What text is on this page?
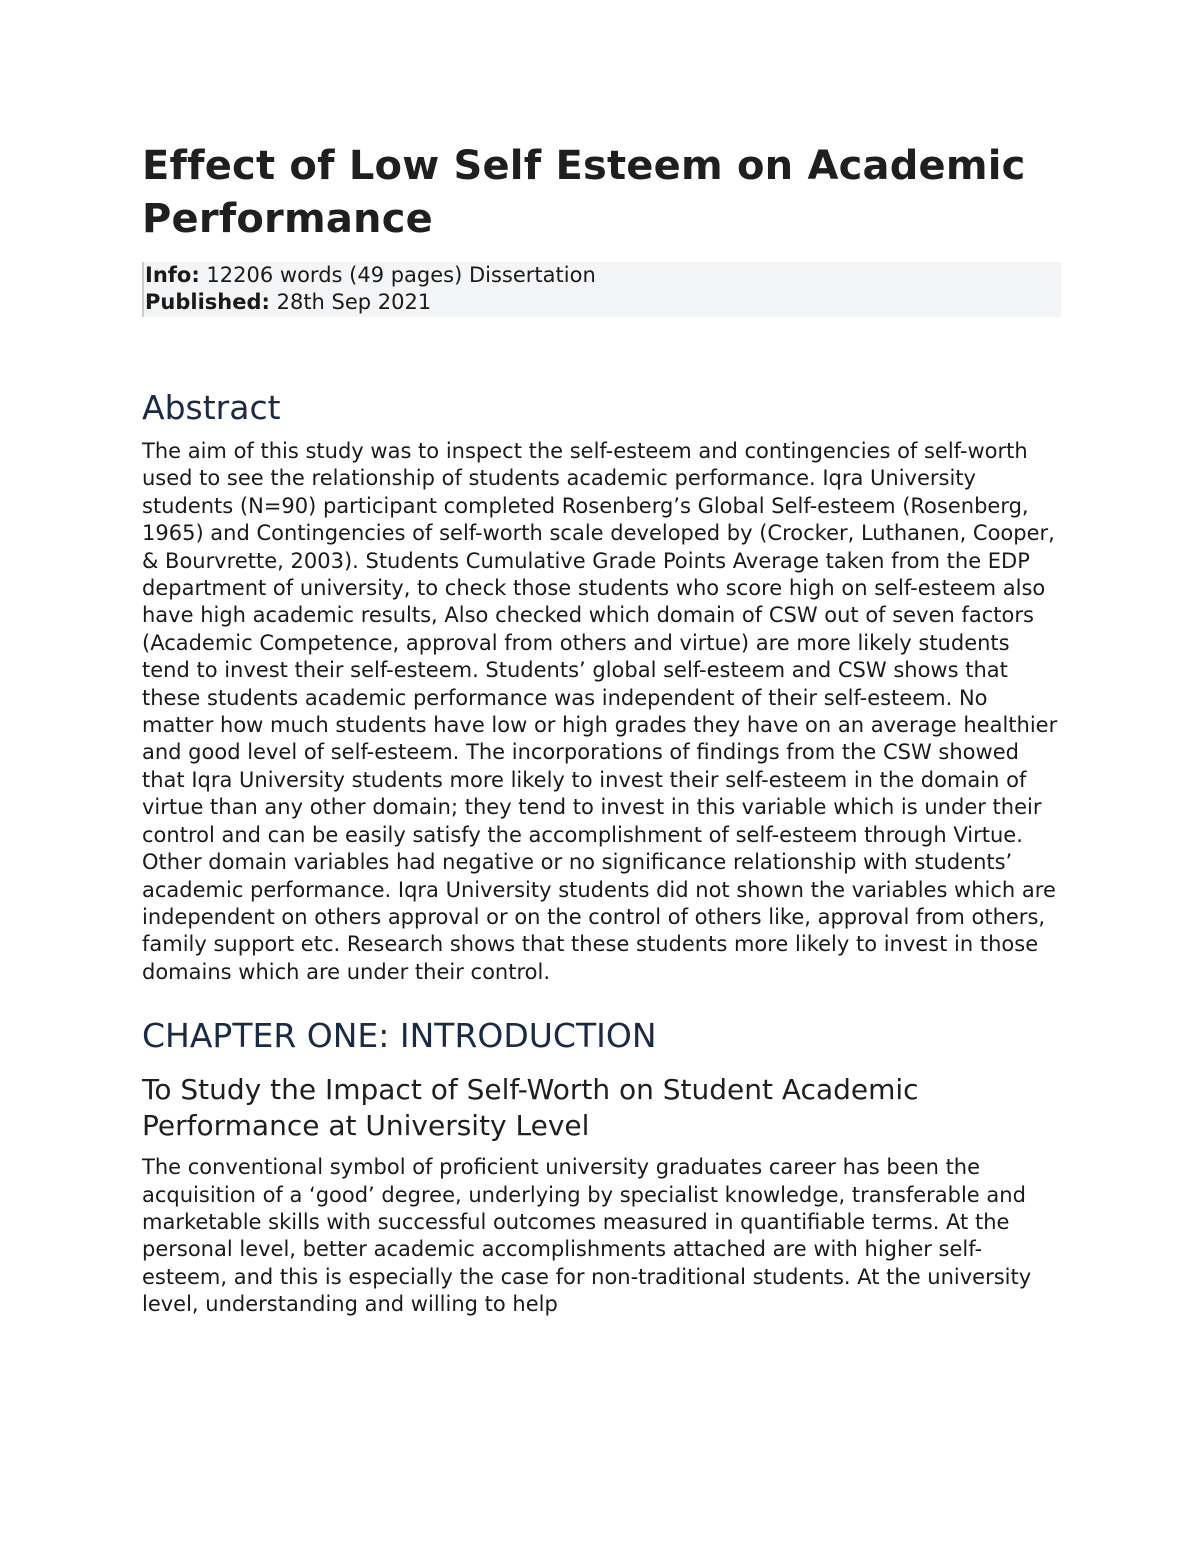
Effect of Low Self Esteem on Academic Performance
Info: 12206 words (49 pages) Dissertation
Published: 28th Sep 2021
Abstract

The aim of this study was to inspect the self-esteem and contingencies of self-worth used to see the relationship of students academic performance. Iqra University students (N=90) participant completed Rosenberg’s Global Self-esteem (Rosenberg, 1965) and Contingencies of self-worth scale developed by (Crocker, Luthanen, Cooper, & Bourvrette, 2003). Students Cumulative Grade Points Average taken from the EDP department of university, to check those students who score high on self-esteem also have high academic results, Also checked which domain of CSW out of seven factors (Academic Competence, approval from others and virtue) are more likely students tend to invest their self-esteem. Students’ global self-esteem and CSW shows that these students academic performance was independent of their self-esteem. No matter how much students have low or high grades they have on an average healthier and good level of self-esteem. The incorporations of findings from the CSW showed that Iqra University students more likely to invest their self-esteem in the domain of virtue than any other domain; they tend to invest in this variable which is under their control and can be easily satisfy the accomplishment of self-esteem through Virtue. Other domain variables had negative or no significance relationship with students’ academic performance. Iqra University students did not shown the variables which are independent on others approval or on the control of others like, approval from others, family support etc. Research shows that these students more likely to invest in those domains which are under their control.

CHAPTER ONE: INTRODUCTION
To Study the Impact of Self-Worth on Student Academic Performance at University Level

The conventional symbol of proficient university graduates career has been the acquisition of a ‘good’ degree, underlying by specialist knowledge, transferable and marketable skills with successful outcomes measured in quantifiable terms. At the personal level, better academic accomplishments attached are with higher self-esteem, and this is especially the case for non-traditional students. At the university level, understanding and willing to help
